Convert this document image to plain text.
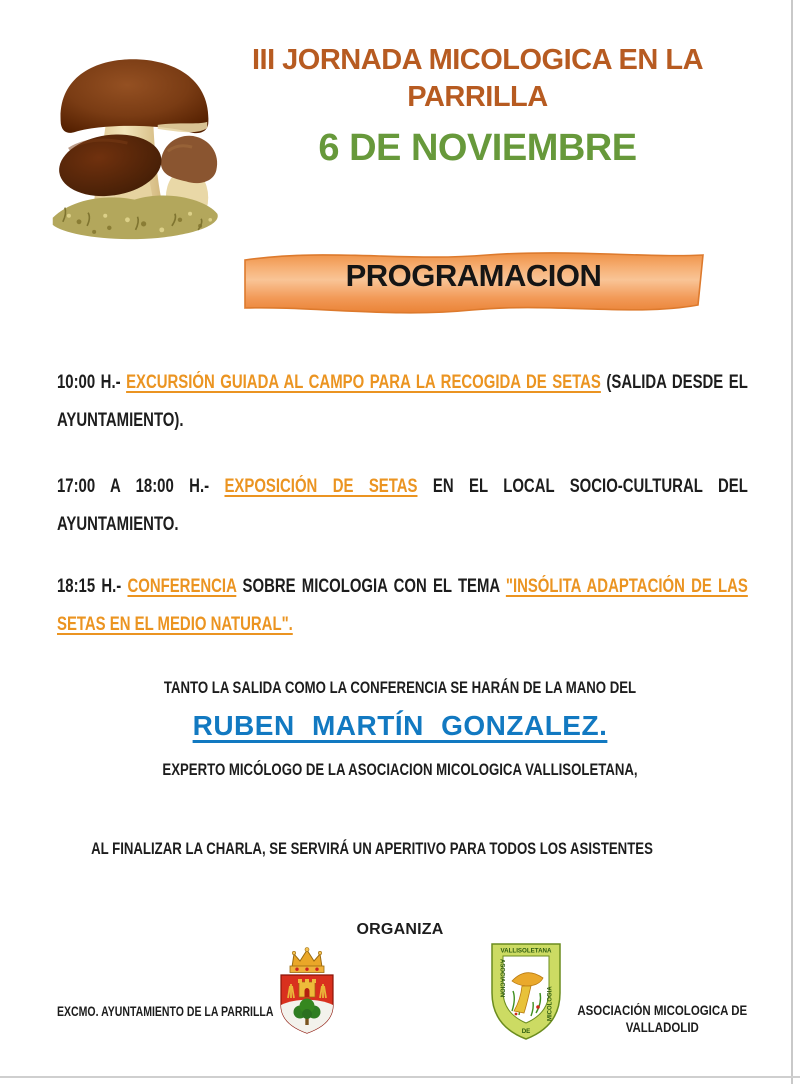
III JORNADA MICOLOGICA EN LA
PARRILLA
6 DE NOVIEMBRE
PROGRAMACION
10:00 H.- EXCURSIÓN GUIADA AL CAMPO PARA LA RECOGIDA DE SETAS (SALIDA DESDE EL AYUNTAMIENTO).
17:00 A 18:00 H.- EXPOSICIÓN DE SETAS EN EL LOCAL SOCIO-CULTURAL DEL AYUNTAMIENTO.
18:15 H.- CONFERENCIA SOBRE MICOLOGIA CON EL TEMA "INSÓLITA ADAPTACIÓN DE LAS SETAS EN EL MEDIO NATURAL".
TANTO LA SALIDA COMO LA CONFERENCIA SE HARÁN DE LA MANO DEL
RUBEN MARTÍN GONZALEZ.
EXPERTO MICÓLOGO DE LA ASOCIACION MICOLOGICA VALLISOLETANA,
AL FINALIZAR LA CHARLA, SE SERVIRÁ UN APERITIVO PARA TODOS LOS ASISTENTES
ORGANIZA
EXCMO. AYUNTAMIENTO DE LA PARRILLA
VALLISOLETANA
ASOCIACION
MICOLOGIA
DE
ASOCIACIÓN MICOLOGICA DE VALLADOLID
